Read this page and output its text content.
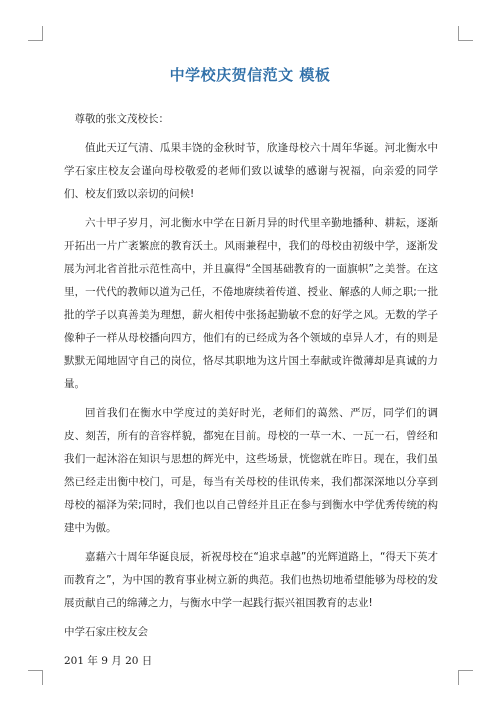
中学校庆贺信范文 模板

尊敬的张文茂校长：

值此天辽气清、瓜果丰饶的金秋时节，欣逢母校六十周年华诞。河北衡水中学石家庄校友会谨向母校敬爱的老师们致以诚挚的感谢与祝福，向亲爱的同学们、校友们致以亲切的问候!

六十甲子岁月，河北衡水中学在日新月异的时代里辛勤地播种、耕耘，逐渐开拓出一片广袤繁庶的教育沃土。风雨兼程中，我们的母校由初级中学，逐渐发展为河北省首批示范性高中，并且赢得“全国基础教育的一面旗帜”之美誉。在这里，一代代的教师以道为己任，不倦地赓续着传道、授业、解惑的人师之职;一批批的学子以真善美为理想，薪火相传中张扬起勤敏不怠的好学之风。无数的学子像种子一样从母校播向四方，他们有的已经成为各个领域的卓异人才，有的则是默默无闻地固守自己的岗位，恪尽其职地为这片国土奉献或许微薄却是真诚的力量。

回首我们在衡水中学度过的美好时光，老师们的蔼然、严厉，同学们的调皮、刻苦，所有的音容样貌，都宛在目前。母校的一草一木、一瓦一石，曾经和我们一起沐浴在知识与思想的辉光中，这些场景，恍惚就在昨日。现在，我们虽然已经走出衡中校门，可是，每当有关母校的佳讯传来，我们都深深地以分享到母校的福泽为荣;同时，我们也以自己曾经并且正在参与到衡水中学优秀传统的构建中为傲。

嘉藉六十周年华诞良辰，祈祝母校在“追求卓越”的光辉道路上，“得天下英才而教育之”，为中国的教育事业树立新的典范。我们也热切地希望能够为母校的发展贡献自己的绵薄之力，与衡水中学一起践行振兴祖国教育的志业!

中学石家庄校友会

201 年 9 月 20 日
